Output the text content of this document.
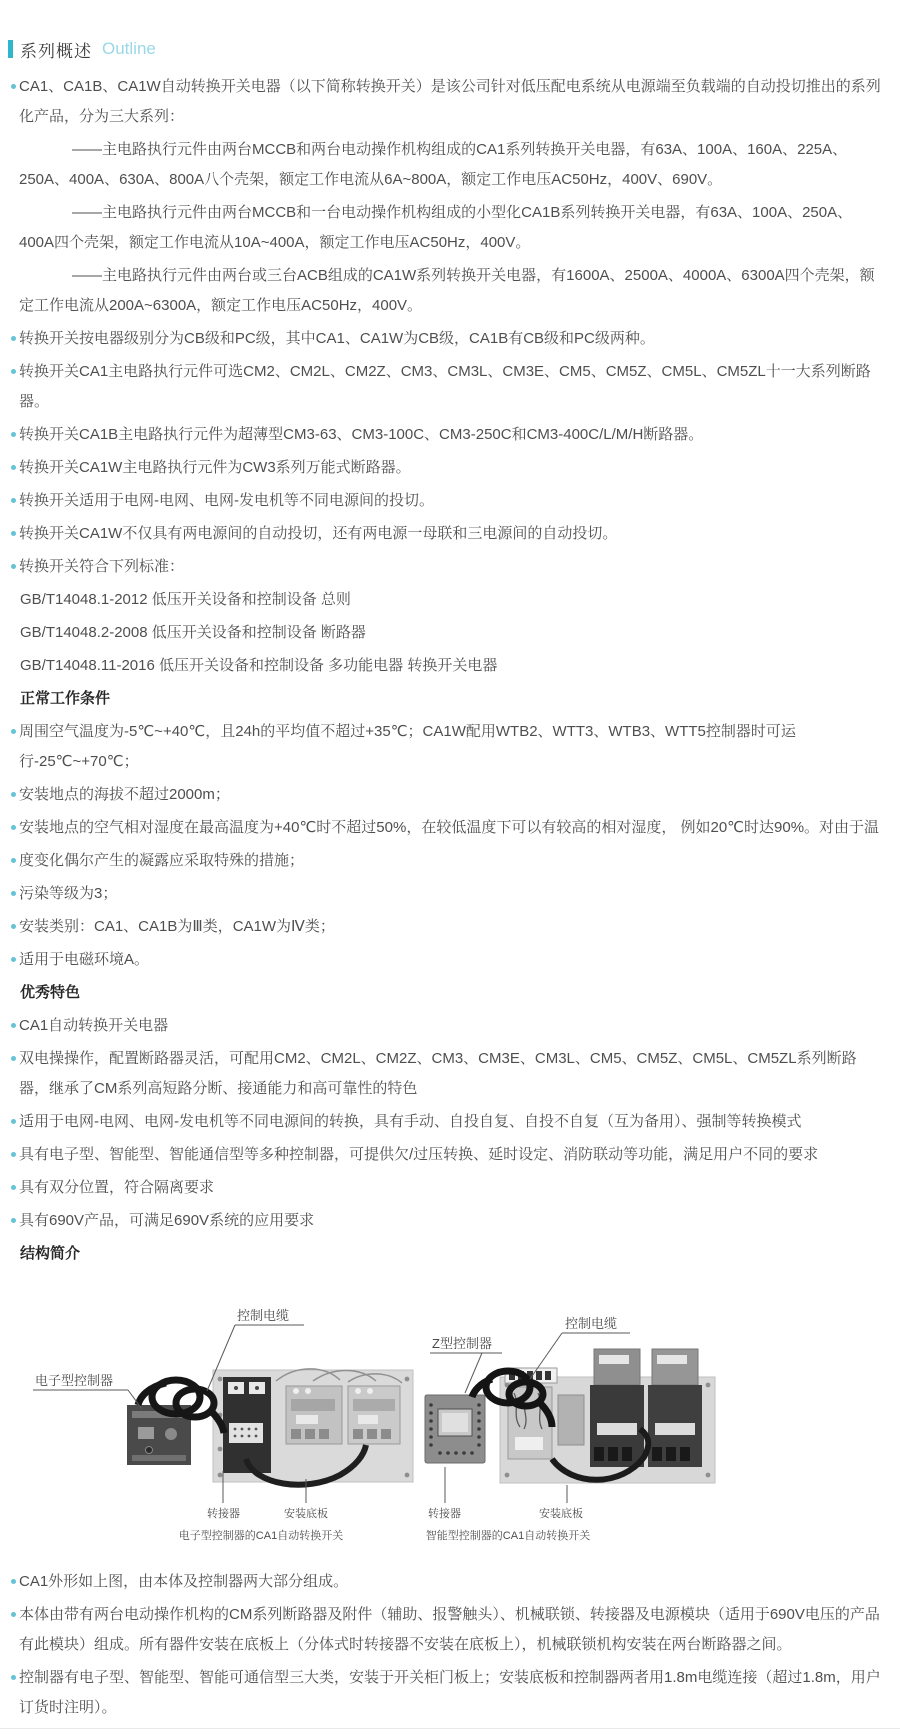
系列概述 Outline

CA1、CA1B、CA1W自动转换开关电器（以下简称转换开关）是该公司针对低压配电系统从电源端至负载端的自动投切推出的系列化产品，分为三大系列：

——主电路执行元件由两台MCCB和两台电动操作机构组成的CA1系列转换开关电器，有63A、100A、160A、225A、250A、400A、630A、800A八个壳架，额定工作电流从6A~800A，额定工作电压AC50Hz，400V、690V。

——主电路执行元件由两台MCCB和一台电动操作机构组成的小型化CA1B系列转换开关电器，有63A、100A、250A、400A四个壳架，额定工作电流从10A~400A，额定工作电压AC50Hz，400V。

——主电路执行元件由两台或三台ACB组成的CA1W系列转换开关电器，有1600A、2500A、4000A、6300A四个壳架，额定工作电流从200A~6300A，额定工作电压AC50Hz，400V。

转换开关按电器级别分为CB级和PC级，其中CA1、CA1W为CB级，CA1B有CB级和PC级两种。

转换开关CA1主电路执行元件可选CM2、CM2L、CM2Z、CM3、CM3L、CM3E、CM5、CM5Z、CM5L、CM5ZL十一大系列断路器。

转换开关CA1B主电路执行元件为超薄型CM3-63、CM3-100C、CM3-250C和CM3-400C/L/M/H断路器。

转换开关CA1W主电路执行元件为CW3系列万能式断路器。

转换开关适用于电网-电网、电网-发电机等不同电源间的投切。

转换开关CA1W不仅具有两电源间的自动投切，还有两电源一母联和三电源间的自动投切。

转换开关符合下列标准：

GB/T14048.1-2012 低压开关设备和控制设备 总则

GB/T14048.2-2008 低压开关设备和控制设备 断路器

GB/T14048.11-2016 低压开关设备和控制设备 多功能电器 转换开关电器

正常工作条件

周围空气温度为-5℃~+40℃，且24h的平均值不超过+35℃；CA1W配用WTB2、WTT3、WTB3、WTT5控制器时可运行-25℃~+70℃；

安装地点的海拔不超过2000m；

安装地点的空气相对湿度在最高温度为+40℃时不超过50%，在较低温度下可以有较高的相对湿度， 例如20℃时达90%。对由于温

度变化偶尔产生的凝露应采取特殊的措施；

污染等级为3；

安装类别：CA1、CA1B为Ⅲ类，CA1W为Ⅳ类；

适用于电磁环境A。

优秀特色

CA1自动转换开关电器

双电操操作，配置断路器灵活，可配用CM2、CM2L、CM2Z、CM3、CM3E、CM3L、CM5、CM5Z、CM5L、CM5ZL系列断路器，继承了CM系列高短路分断、接通能力和高可靠性的特色

适用于电网-电网、电网-发电机等不同电源间的转换，具有手动、自投自复、自投不自复（互为备用）、强制等转换模式

具有电子型、智能型、智能通信型等多种控制器，可提供欠/过压转换、延时设定、消防联动等功能，满足用户不同的要求

具有双分位置，符合隔离要求

具有690V产品，可满足690V系统的应用要求

结构简介
控制电缆
电子型控制器
转接器	安装底板
电子型控制器的CA1自动转换开关
控制电缆
Z型控制器
转接器	安装底板
智能型控制器的CA1自动转换开关

CA1外形如上图，由本体及控制器两大部分组成。

本体由带有两台电动操作机构的CM系列断路器及附件（辅助、报警触头）、机械联锁、转接器及电源模块（适用于690V电压的产品有此模块）组成。所有器件安装在底板上（分体式时转接器不安装在底板上），机械联锁机构安装在两台断路器之间。

控制器有电子型、智能型、智能可通信型三大类，安装于开关柜门板上；安装底板和控制器两者用1.8m电缆连接（超过1.8m，用户订货时注明）。
